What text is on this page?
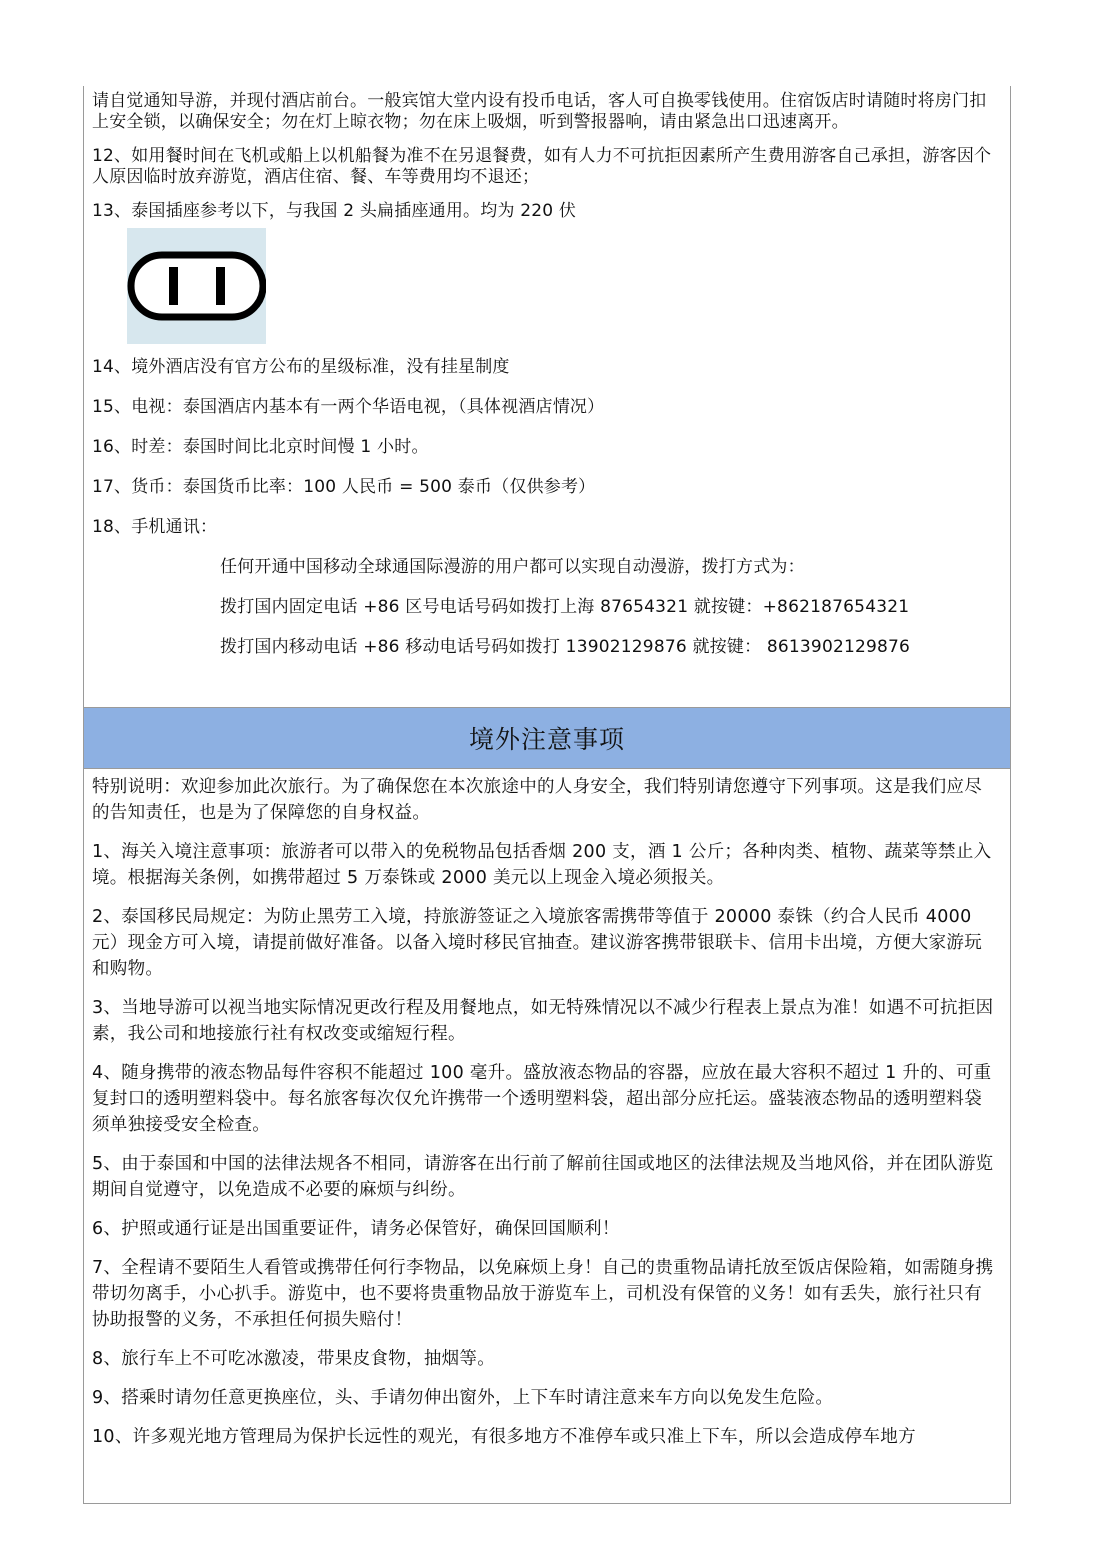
请自觉通知导游，并现付酒店前台。一般宾馆大堂内设有投币电话，客人可自换零钱使用。住宿饭店时请随时将房门扣上安全锁，以确保安全；勿在灯上晾衣物；勿在床上吸烟，听到警报器响，请由紧急出口迅速离开。

12、如用餐时间在飞机或船上以机船餐为准不在另退餐费，如有人力不可抗拒因素所产生费用游客自己承担，游客因个人原因临时放弃游览，酒店住宿、餐、车等费用均不退还；

13、泰国插座参考以下，与我国 2 头扁插座通用。均为 220 伏

14、境外酒店没有官方公布的星级标准，没有挂星制度

15、电视：泰国酒店内基本有一两个华语电视，（具体视酒店情况）

16、时差：泰国时间比北京时间慢 1 小时。

17、货币：泰国货币比率：100 人民币 = 500 泰币（仅供参考）

18、手机通讯：

任何开通中国移动全球通国际漫游的用户都可以实现自动漫游，拨打方式为：

拨打国内固定电话 +86 区号电话号码如拨打上海 87654321 就按键：+862187654321

拨打国内移动电话 +86 移动电话号码如拨打 13902129876 就按键： 8613902129876

境外注意事项

特别说明：欢迎参加此次旅行。为了确保您在本次旅途中的人身安全，我们特别请您遵守下列事项。这是我们应尽的告知责任，也是为了保障您的自身权益。

1、海关入境注意事项：旅游者可以带入的免税物品包括香烟 200 支，酒 1 公斤；各种肉类、植物、蔬菜等禁止入境。根据海关条例，如携带超过 5 万泰铢或 2000 美元以上现金入境必须报关。

2、泰国移民局规定：为防止黑劳工入境，持旅游签证之入境旅客需携带等值于 20000 泰铢（约合人民币 4000 元）现金方可入境，请提前做好准备。以备入境时移民官抽查。建议游客携带银联卡、信用卡出境，方便大家游玩和购物。

3、当地导游可以视当地实际情况更改行程及用餐地点，如无特殊情况以不减少行程表上景点为准！如遇不可抗拒因素，我公司和地接旅行社有权改变或缩短行程。

4、随身携带的液态物品每件容积不能超过 100 毫升。盛放液态物品的容器，应放在最大容积不超过 1 升的、可重复封口的透明塑料袋中。每名旅客每次仅允许携带一个透明塑料袋，超出部分应托运。盛装液态物品的透明塑料袋须单独接受安全检查。

5、由于泰国和中国的法律法规各不相同，请游客在出行前了解前往国或地区的法律法规及当地风俗，并在团队游览期间自觉遵守，以免造成不必要的麻烦与纠纷。

6、护照或通行证是出国重要证件，请务必保管好，确保回国顺利！

7、全程请不要陌生人看管或携带任何行李物品，以免麻烦上身！自己的贵重物品请托放至饭店保险箱，如需随身携带切勿离手，小心扒手。游览中，也不要将贵重物品放于游览车上，司机没有保管的义务！如有丢失，旅行社只有协助报警的义务，不承担任何损失赔付！

8、旅行车上不可吃冰激凌，带果皮食物，抽烟等。

9、搭乘时请勿任意更换座位，头、手请勿伸出窗外，上下车时请注意来车方向以免发生危险。

10、许多观光地方管理局为保护长远性的观光，有很多地方不准停车或只准上下车，所以会造成停车地方
